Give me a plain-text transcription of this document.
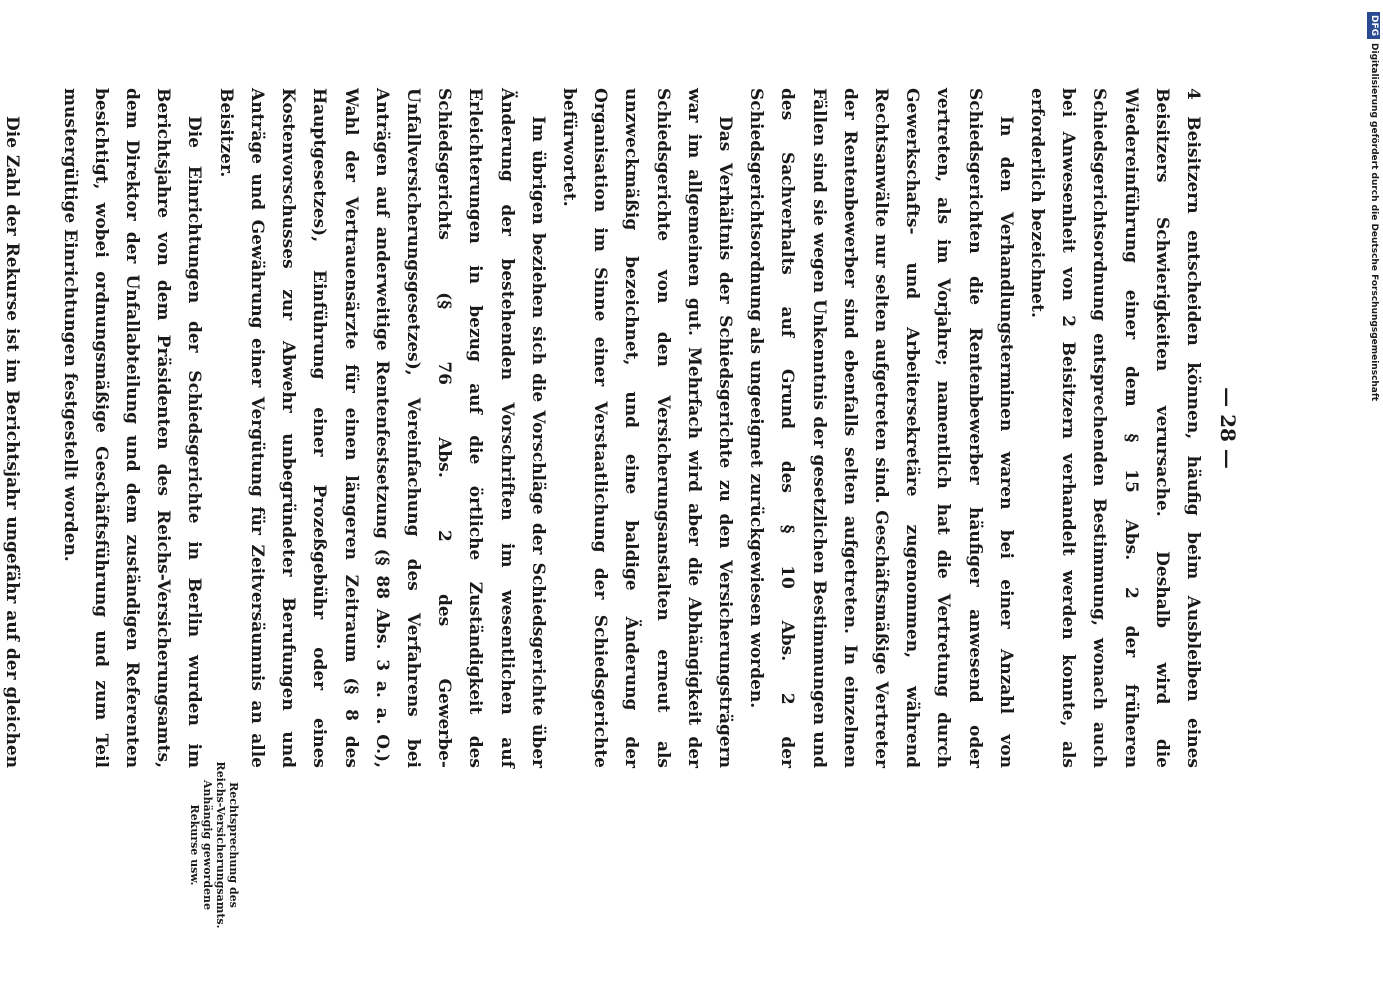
— 28 —

4 Beisitzern entscheiden können, häufig beim Ausbleiben eines Beisitzers Schwierigkeiten verursache. Deshalb wird die Wiedereinführung einer dem § 15 Abs. 2 der früheren Schiedsgerichtsordnung entsprechenden Bestimmung, wonach auch bei Anwesenheit von 2 Beisitzern verhandelt werden konnte, als erforderlich bezeichnet.

In den Verhandlungsterminen waren bei einer Anzahl von Schiedsgerichten die Rentenbewerber häufiger anwesend oder vertreten, als im Vorjahre; namentlich hat die Vertretung durch Gewerkschafts- und Arbeitersekretäre zugenommen, während Rechtsanwälte nur selten aufgetreten sind. Geschäftsmäßige Vertreter der Rentenbewerber sind ebenfalls selten aufgetreten. In einzelnen Fällen sind sie wegen Unkenntnis der gesetzlichen Bestimmungen und des Sachverhalts auf Grund des § 10 Abs. 2 der Schiedsgerichtsordnung als ungeeignet zurückgewiesen worden.

Das Verhältnis der Schiedsgerichte zu den Versicherungsträgern war im allgemeinen gut. Mehrfach wird aber die Abhängigkeit der Schiedsgerichte von den Versicherungsanstalten erneut als unzweckmäßig bezeichnet, und eine baldige Änderung der Organisation im Sinne einer Verstaatlichung der Schiedsgerichte befürwortet.

Im übrigen beziehen sich die Vorschläge der Schiedsgerichte über Änderung der bestehenden Vorschriften im wesentlichen auf Erleichterungen in bezug auf die örtliche Zuständigkeit des Schiedsgerichts (§ 76 Abs. 2 des Gewerbe-Unfallversicherungsgesetzes), Vereinfachung des Verfahrens bei Anträgen auf anderweitige Rentenfestsetzung (§ 88 Abs. 3 a. a. O.), Wahl der Vertrauensärzte für einen längeren Zeitraum (§ 8 des Hauptgesetzes), Einführung einer Prozeßgebühr oder eines Kostenvorschusses zur Abwehr unbegründeter Berufungen und Anträge und Gewährung einer Vergütung für Zeitversäumnis an alle Beisitzer.

Die Einrichtungen der Schiedsgerichte in Berlin wurden im Berichtsjahre von dem Präsidenten des Reichs-Versicherungsamts, dem Direktor der Unfallabteilung und dem zuständigen Referenten besichtigt, wobei ordnungsmäßige Geschäftsführung und zum Teil mustergültige Einrichtungen festgestellt worden.

Die Zahl der Rekurse ist im Berichtsjahr ungefähr auf der gleichen

Rechtsprechung des Reichs-Versicherungsamts. Anhängig gewordene Rekurse usw.
DFGDigitalisierung gefördert durch die Deutsche Forschungsgemeinschaft
